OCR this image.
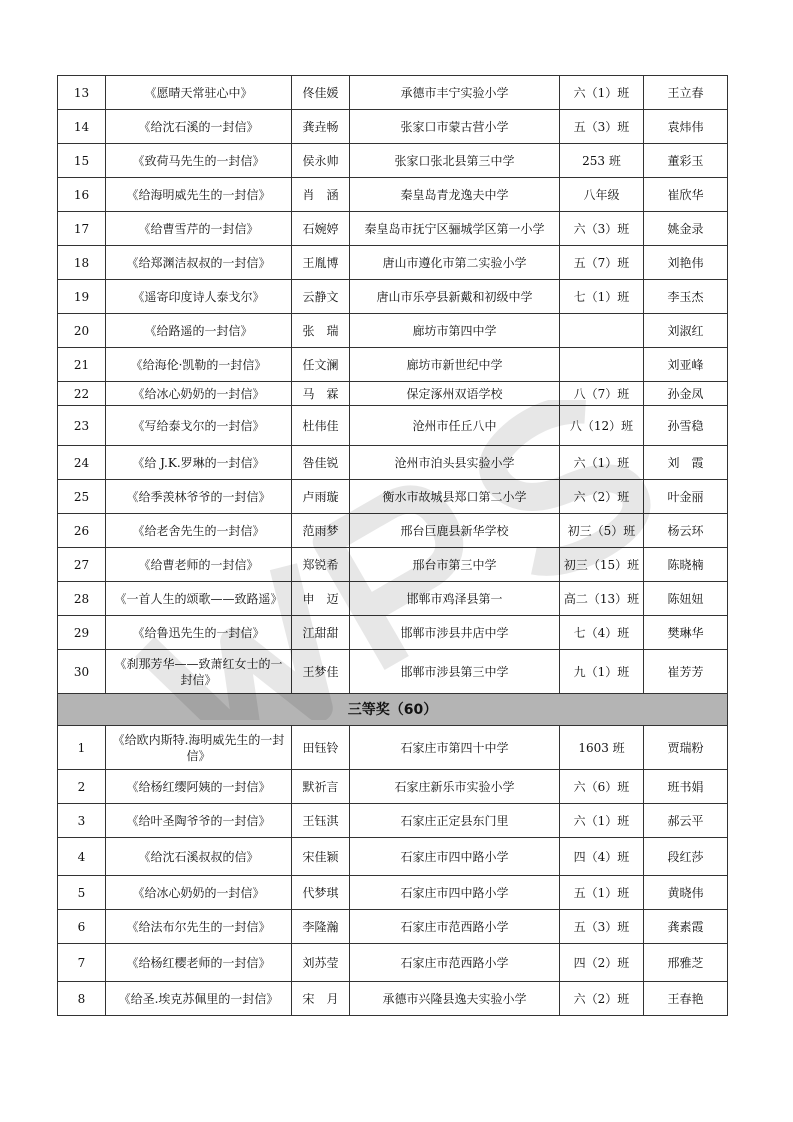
13	《愿晴天常驻心中》	佟佳媛	承德市丰宁实验小学	六（1）班	王立春
14	《给沈石溪的一封信》	龚垚畅	张家口市蒙古营小学	五（3）班	袁炜伟
15	《致荷马先生的一封信》	侯永帅	张家口张北县第三中学	253 班	董彩玉
16	《给海明威先生的一封信》	肖　涵	秦皇岛青龙逸夫中学	八年级	崔欣华
17	《给曹雪芹的一封信》	石婉婷	秦皇岛市抚宁区骊城学区第一小学	六（3）班	姚金录
18	《给郑渊洁叔叔的一封信》	王胤博	唐山市遵化市第二实验小学	五（7）班	刘艳伟
19	《遥寄印度诗人泰戈尔》	云静文	唐山市乐亭县新戴和初级中学	七（1）班	李玉杰
20	《给路遥的一封信》	张　瑞	廊坊市第四中学		刘淑红
21	《给海伦·凯勒的一封信》	任文澜	廊坊市新世纪中学		刘亚峰
22	《给冰心奶奶的一封信》	马　霖	保定涿州双语学校	八（7）班	孙金凤
23	《写给泰戈尔的一封信》	杜伟佳	沧州市任丘八中	八（12）班	孙雪稳
24	《给 J.K.罗琳的一封信》	咎佳锐	沧州市泊头县实验小学	六（1）班	刘　霞
25	《给季羡林爷爷的一封信》	卢雨璇	衡水市故城县郑口第二小学	六（2）班	叶金丽
26	《给老舍先生的一封信》	范雨梦	邢台巨鹿县新华学校	初三（5）班	杨云环
27	《给曹老师的一封信》	郑锐希	邢台市第三中学	初三（15）班	陈晓楠
28	《一首人生的颂歌——致路遥》	申　迈	邯郸市鸡泽县第一	高二（13）班	陈妞妞
29	《给鲁迅先生的一封信》	江甜甜	邯郸市涉县井店中学	七（4）班	樊琳华
30	《刹那芳华——致萧红女士的一封信》	王梦佳	邯郸市涉县第三中学	九（1）班	崔芳芳
三等奖（60）					
1	《给欧内斯特.海明威先生的一封信》	田钰铃	石家庄市第四十中学	1603 班	贾瑞粉
2	《给杨红缨阿姨的一封信》	默祈言	石家庄新乐市实验小学	六（6）班	班书娟
3	《给叶圣陶爷爷的一封信》	王钰淇	石家庄正定县东门里	六（1）班	郝云平
4	《给沈石溪叔叔的信》	宋佳颖	石家庄市四中路小学	四（4）班	段红莎
5	《给冰心奶奶的一封信》	代梦琪	石家庄市四中路小学	五（1）班	黄晓伟
6	《给法布尔先生的一封信》	李隆瀚	石家庄市范西路小学	五（3）班	龚素霞
7	《给杨红樱老师的一封信》	刘苏莹	石家庄市范西路小学	四（2）班	邢雅芝
8	《给圣.埃克苏佩里的一封信》	宋　月	承德市兴隆县逸夫实验小学	六（2）班	王春艳
